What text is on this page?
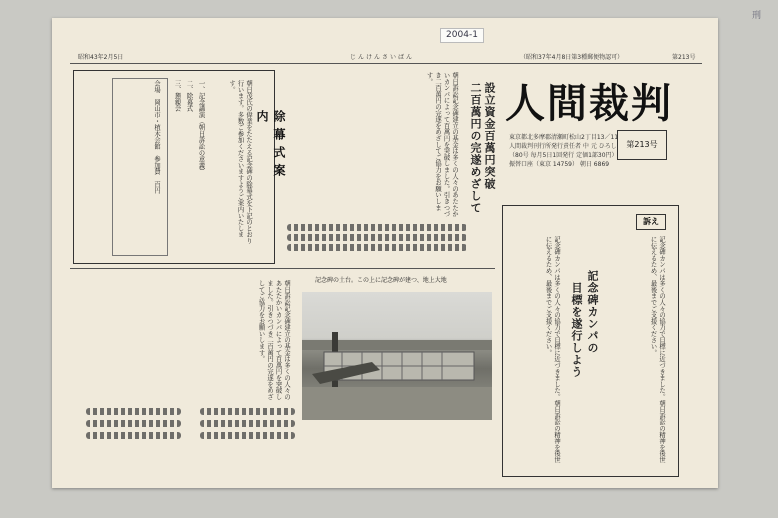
2004-1
刑
昭和43年2月5日	じんけんさいばん	（昭和37年4月8日第3種郵便物認可）	第213号
人間裁判
東京都北多摩郡清瀬町松山2丁目13／11
人間裁判刊行所発行責任者 中 元 ひろし
（80号 毎月5日1回発行 定価1部30円）
振替口座（東京 14759） 朝日 6869
第213号
設立資金百萬円突破
二百萬円の完遂めざして
朝日訴訟記念碑建立の基金は多くの人々のあたたかいカンパによって百萬円を突破しました。引きつづき二百萬円の完遂をめざしてご協力をお願いします。
除幕式案内
朝日茂氏の偉業をたたえる記念碑の除幕式を下記のとおり行います。多数ご参加くださいますようご案内いたします。
一、記念講演（朝日訴訟の意義）
二、除幕式
三、懇親会
会場　岡山市・植木会館　参加費　百円
記念碑の土台。この上に記念碑が建つ、地上大地
朝日訴訟記念碑建立の基金は多くの人々のあたたかいカンパによって百萬円を突破しました。引きつづき二百萬円の完遂をめざしてご協力をお願いします。
訴え
記念碑カンパの
目標を遂行しよう	記念碑カンパは多くの人々の協力で目標に近づきました。朝日訴訟の精神を後世に伝えるため、最後までご支援ください。
記念碑カンパは多くの人々の協力で目標に近づきました。朝日訴訟の精神を後世に伝えるため、最後までご支援ください。
